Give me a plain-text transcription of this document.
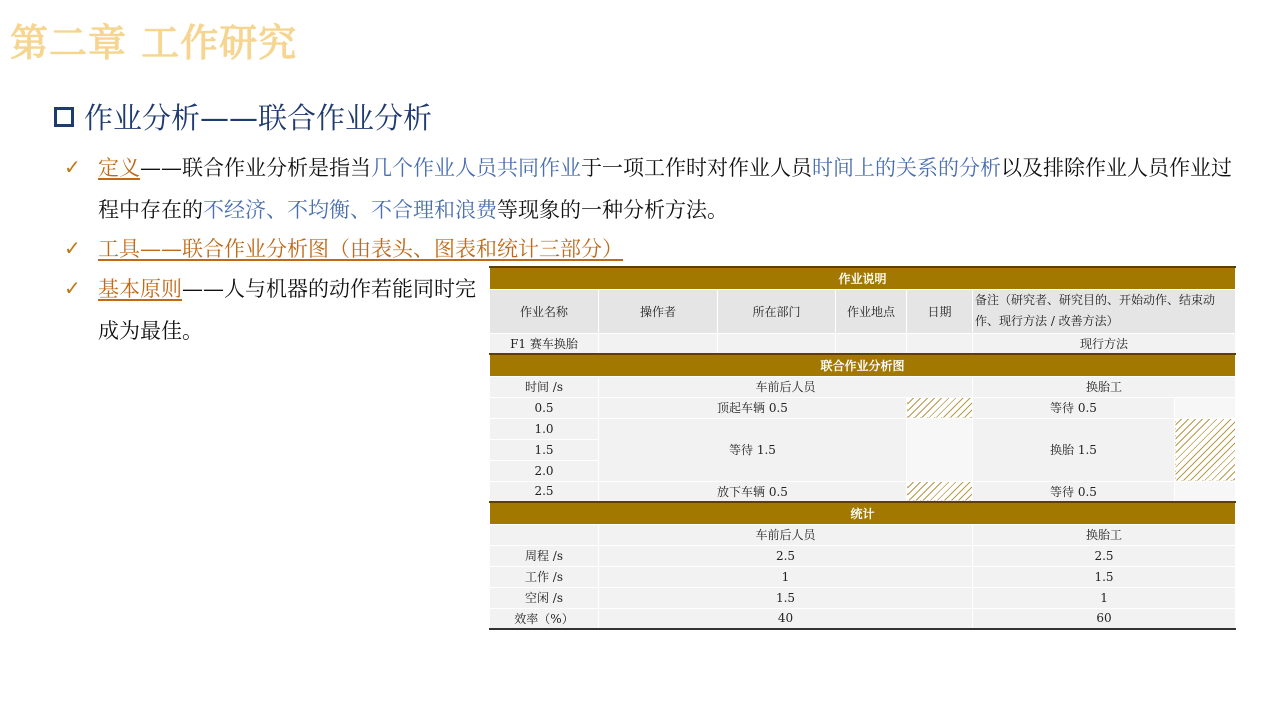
第二章 工作研究
作业分析——联合作业分析
✓ 定义——联合作业分析是指当几个作业人员共同作业于一项工作时对作业人员时间上的关系的分析以及排除作业人员作业过程中存在的不经济、不均衡、不合理和浪费等现象的一种分析方法。
✓ 工具——联合作业分析图（由表头、图表和统计三部分）
✓ 基本原则——人与机器的动作若能同时完成为最佳。
作业说明						
作业名称	操作者	所在部门	作业地点	日期	备注（研究者、研究目的、开始动作、结束动作、现行方法 / 改善方法）	
F1 赛车换胎					现行方法	
联合作业分析图						
时间 /s	车前后人员				换胎工	
0.5	顶起车辆 0.5				等待 0.5	
1.0	等待 1.5				换胎 1.5	
1.5						
2.0						
2.5	放下车辆 0.5				等待 0.5	
统计						
	车前后人员				换胎工	
周程 /s	2.5				2.5	
工作 /s	1				1.5	
空闲 /s	1.5				1	
效率（%）	40				60	
